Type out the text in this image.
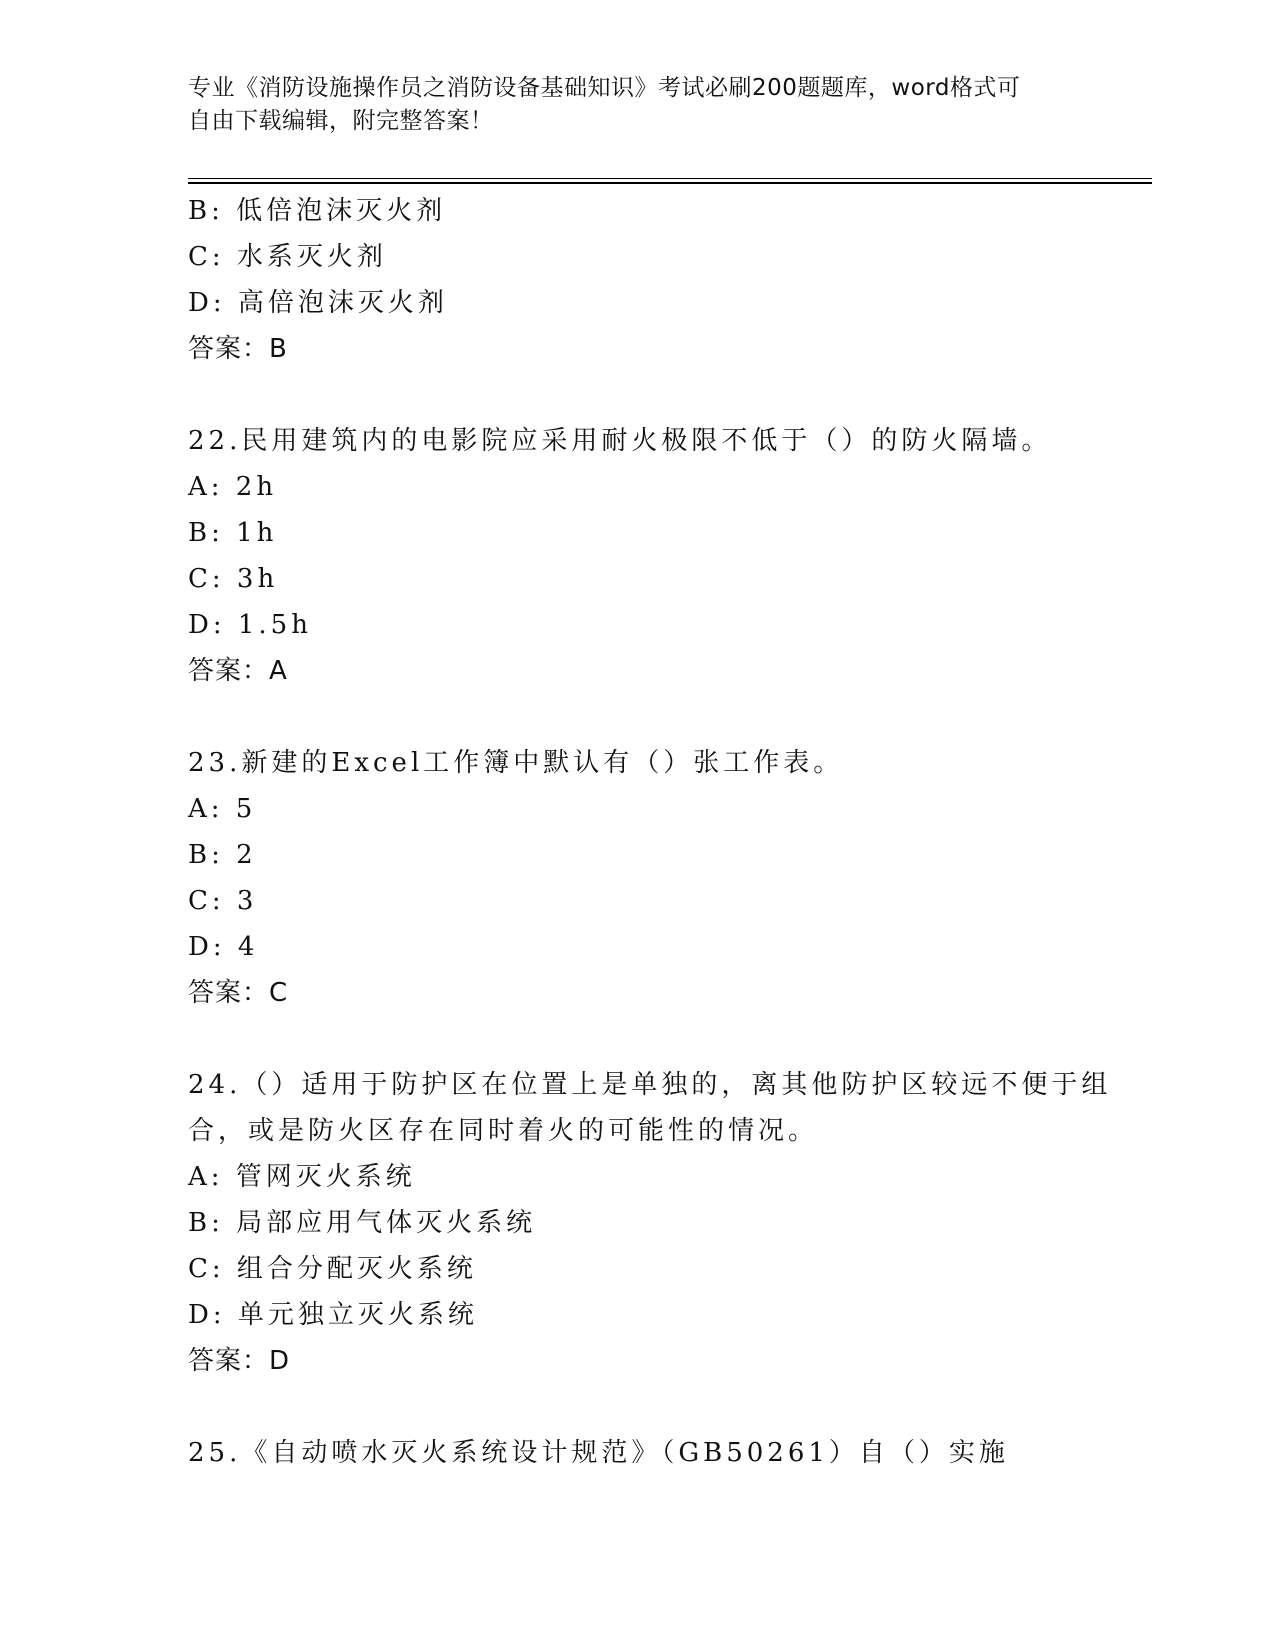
专业《消防设施操作员之消防设备基础知识》考试必刷200题题库，word格式可
自由下载编辑，附完整答案！
B: 低倍泡沫灭火剂
C: 水系灭火剂
D: 高倍泡沫灭火剂
答案：B
22.民用建筑内的电影院应采用耐火极限不低于（）的防火隔墙。
A: 2h
B: 1h
C: 3h
D: 1.5h
答案：A
23.新建的Excel工作簿中默认有（）张工作表。
A: 5
B: 2
C: 3
D: 4
答案：C
24.（）适用于防护区在位置上是单独的，离其他防护区较远不便于组
合，或是防火区存在同时着火的可能性的情况。
A: 管网灭火系统
B: 局部应用气体灭火系统
C: 组合分配灭火系统
D: 单元独立灭火系统
答案：D
25.《自动喷水灭火系统设计规范》（GB50261）自（）实施
